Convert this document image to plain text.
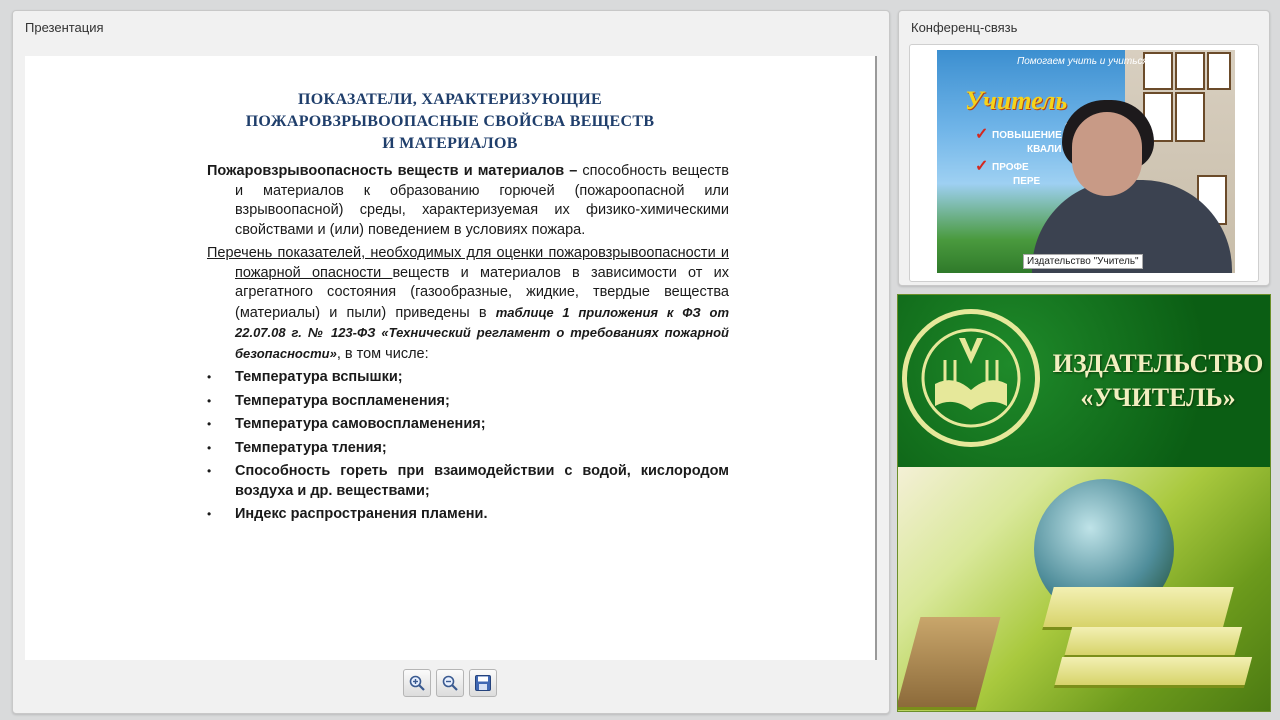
Презентация
ПОКАЗАТЕЛИ, ХАРАКТЕРИЗУЮЩИЕ
ПОЖАРОВЗРЫВООПАСНЫЕ СВОЙСВА ВЕЩЕСТВ
И МАТЕРИАЛОВ

Пожаровзрывоопасность веществ и материалов – способность веществ и материалов к образованию горючей (пожароопасной или взрывоопасной) среды, характеризуемая их физико-химическими свойствами и (или) поведением в условиях пожара.

Перечень показателей, необходимых для оценки пожаровзрывоопасности и пожарной опасности веществ и материалов в зависимости от их агрегатного состояния (газообразные, жидкие, твердые вещества (материалы) и пыли) приведены в таблице 1 приложения к ФЗ от 22.07.08 г. № 123-ФЗ «Технический регламент о требованиях пожарной безопасности», в том числе:

• Температура вспышки;
• Температура воспламенения;
• Температура самовоспламенения;
• Температура тления;
• Способность гореть при взаимодействии с водой, кислородом воздуха и др. веществами;
• Индекс распространения пламени.
Конференц-связь
Помогаем учить и учиться
Учитель
✓ ПОВЫШЕНИЕ
КВАЛИ
✓ ПРОФЕ
ПЕРЕ
Издательство "Учитель"
ИЗДАТЕЛЬСТВО
«УЧИТЕЛЬ»
